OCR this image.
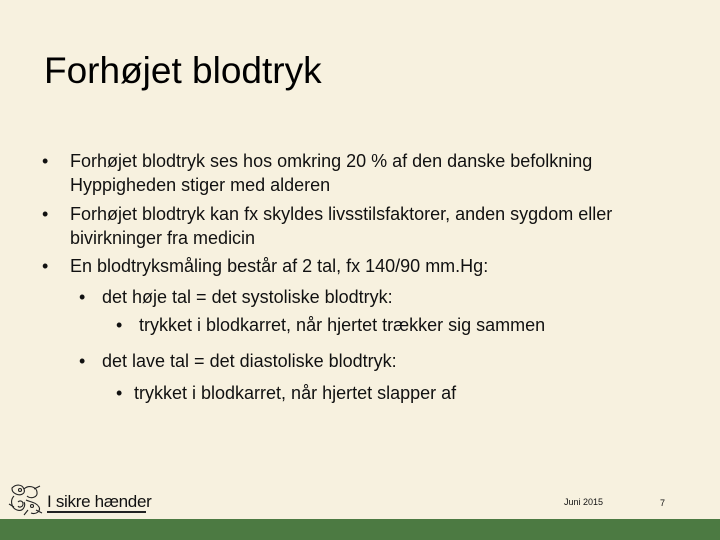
Forhøjet blodtryk
• Forhøjet blodtryk ses hos omkring 20 % af den danske befolkning
Hyppigheden stiger med alderen
• Forhøjet blodtryk kan fx skyldes livsstilsfaktorer, anden sygdom eller
bivirkninger fra medicin
• En blodtryksmåling består af 2 tal, fx 140/90 mm.Hg:
• det høje tal = det systoliske blodtryk:
• trykket i blodkarret, når hjertet trækker sig sammen
• det lave tal = det diastoliske blodtryk:
• trykket i blodkarret, når hjertet slapper af
I sikre hænder	Juni 2015	7
